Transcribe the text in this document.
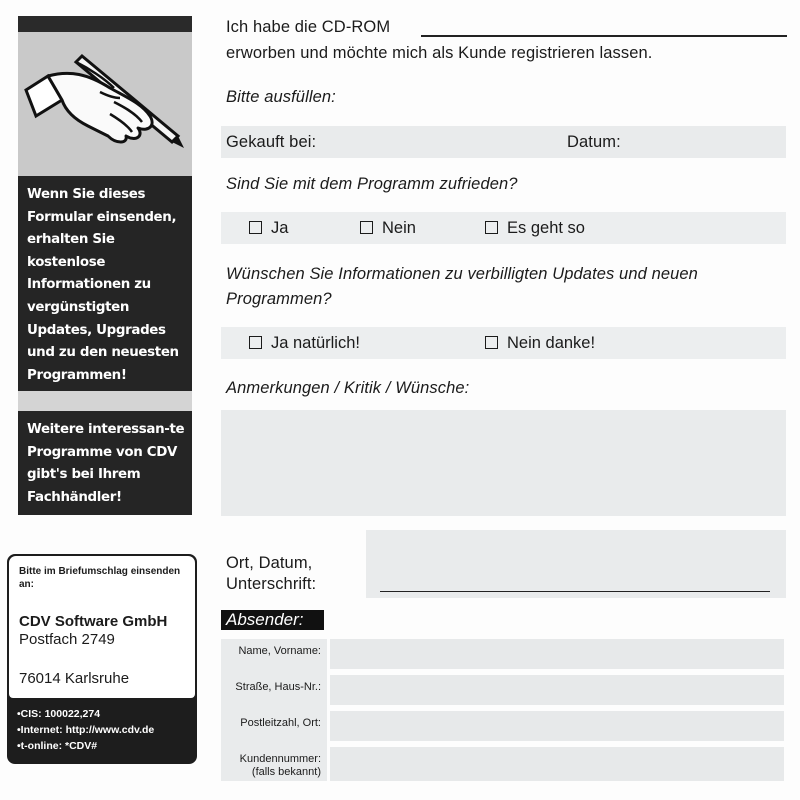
Wenn Sie dieses Formular einsenden, erhalten Sie kostenlose Informationen zu vergünstigten Updates, Upgrades und zu den neuesten Programmen!
Weitere interessan-te Programme von CDV gibt's bei Ihrem Fachhändler!
Bitte im Briefumschlag einsenden an:
CDV Software GmbH
Postfach 2749
76014 Karlsruhe
•CIS: 100022,274
•Internet: http://www.cdv.de
•t-online: *CDV#
Ich habe die CD-ROM
erworben und möchte mich als Kunde registrieren lassen.
Bitte ausfüllen:
Gekauft bei:	Datum:
Sind Sie mit dem Programm zufrieden?
Ja	Nein	Es geht so
Wünschen Sie Informationen zu verbilligten Updates und neuen
Programmen?
Ja natürlich!	Nein danke!
Anmerkungen / Kritik / Wünsche:
Ort, Datum,
Unterschrift:
Absender:
Name, Vorname:
Straße, Haus-Nr.:
Postleitzahl, Ort:
Kundennummer:
(falls bekannt)
